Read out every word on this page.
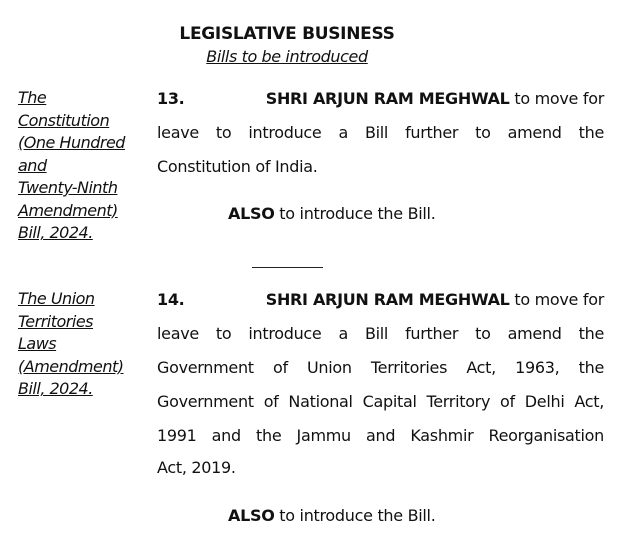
LEGISLATIVE BUSINESS
Bills to be introduced
The
Constitution
(One Hundred
and
Twenty-Ninth
Amendment)
Bill, 2024.
13.	SHRI ARJUN RAM MEGHWAL to move for
leave to introduce a Bill further to amend the
Constitution of India.
ALSO to introduce the Bill.
The Union
Territories
Laws
(Amendment)
Bill, 2024.
14.	SHRI ARJUN RAM MEGHWAL to move for
leave to introduce a Bill further to amend the
Government of Union Territories Act, 1963, the
Government of National Capital Territory of Delhi Act,
1991 and the Jammu and Kashmir Reorganisation
Act, 2019.
ALSO to introduce the Bill.
